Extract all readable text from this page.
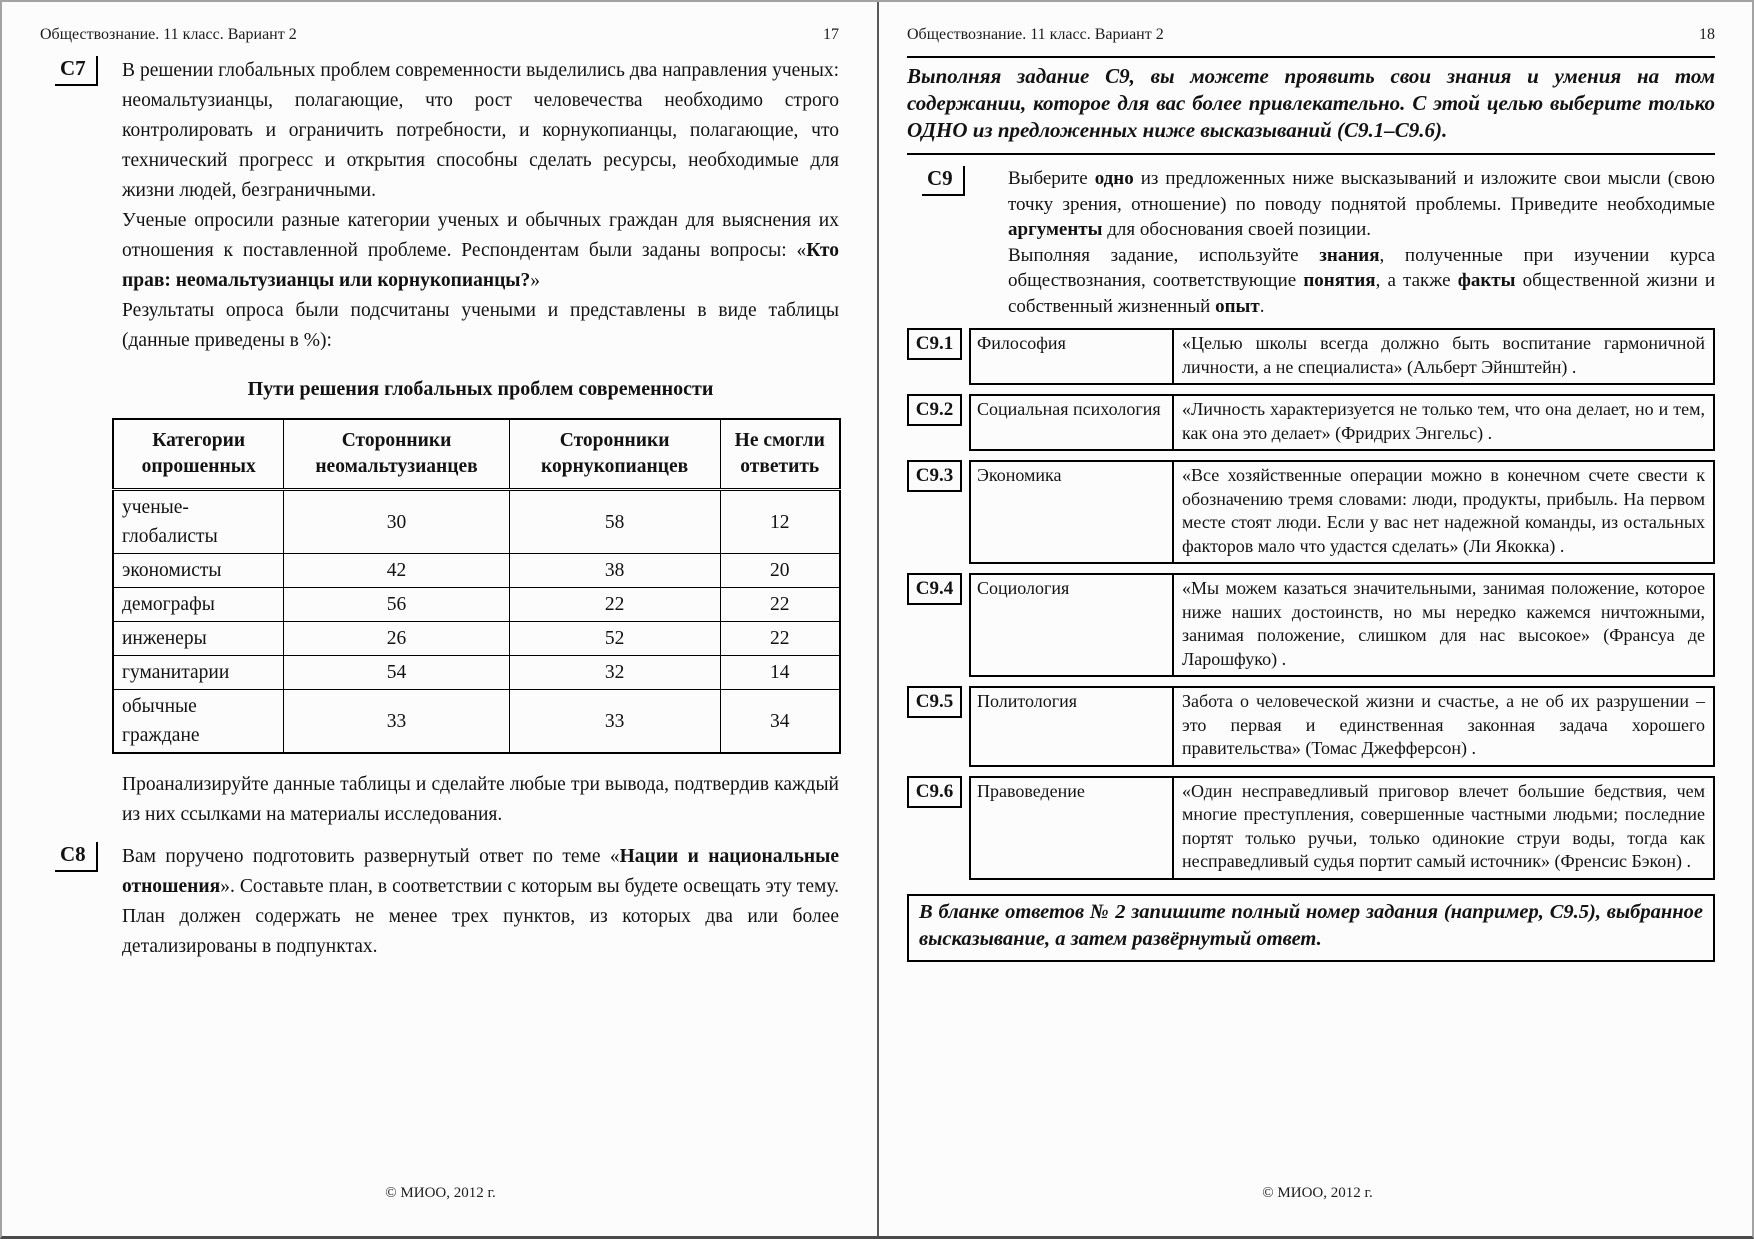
Обществознание. 11 класс. Вариант 2	17
С7	В решении глобальных проблем современности выделились два направления ученых: неомальтузианцы, полагающие, что рост человечества необходимо строго контролировать и ограничить потребности, и корнукопианцы, полагающие, что технический прогресс и открытия способны сделать ресурсы, необходимые для жизни людей, безграничными.

Ученые опросили разные категории ученых и обычных граждан для выяснения их отношения к поставленной проблеме. Респондентам были заданы вопросы: «Кто прав: неомальтузианцы или корнукопианцы?»

Результаты опроса были подсчитаны учеными и представлены в виде таблицы (данные приведены в %):

Пути решения глобальных проблем современности
Категории опрошенных	Сторонники неомальтузианцев	Сторонники корнукопианцев	Не смогли ответить
ученые-глобалисты	30	58	12
экономисты	42	38	20
демографы	56	22	22
инженеры	26	52	22
гуманитарии	54	32	14
обычные граждане	33	33	34

Проанализируйте данные таблицы и сделайте любые три вывода, подтвердив каждый из них ссылками на материалы исследования.

С8	Вам поручено подготовить развернутый ответ по теме «Нации и национальные отношения». Составьте план, в соответствии с которым вы будете освещать эту тему. План должен содержать не менее трех пунктов, из которых два или более детализированы в подпунктах.

© МИОО, 2012 г.
Обществознание. 11 класс. Вариант 2	18
Выполняя задание С9, вы можете проявить свои знания и умения на том содержании, которое для вас более привлекательно. С этой целью выберите только ОДНО из предложенных ниже высказываний (С9.1–С9.6).
С9	Выберите одно из предложенных ниже высказываний и изложите свои мысли (свою точку зрения, отношение) по поводу поднятой проблемы. Приведите необходимые аргументы для обоснования своей позиции.

Выполняя задание, используйте знания, полученные при изучении курса обществознания, соответствующие понятия, а также факты общественной жизни и собственный жизненный опыт.

С9.1	Философия	«Целью школы всегда должно быть воспитание гармоничной личности, а не специалиста» (Альберт Эйнштейн) .
С9.2	Социальная психология	«Личность характеризуется не только тем, что она делает, но и тем, как она это делает» (Фридрих Энгельс) .
С9.3	Экономика	«Все хозяйственные операции можно в конечном счете свести к обозначению тремя словами: люди, продукты, прибыль. На первом месте стоят люди. Если у вас нет надежной команды, из остальных факторов мало что удастся сделать» (Ли Якокка) .
С9.4	Социология	«Мы можем казаться значительными, занимая положение, которое ниже наших достоинств, но мы нередко кажемся ничтожными, занимая положение, слишком для нас высокое» (Франсуа де Ларошфуко) .
С9.5	Политология	Забота о человеческой жизни и счастье, а не об их разрушении – это первая и единственная законная задача хорошего правительства» (Томас Джефферсон) .
С9.6	Правоведение	«Один несправедливый приговор влечет большие бедствия, чем многие преступления, совершенные частными людьми; последние портят только ручьи, только одинокие струи воды, тогда как несправедливый судья портит самый источник» (Френсис Бэкон) .
В бланке ответов № 2 запишите полный номер задания (например, С9.5), выбранное высказывание, а затем развёрнутый ответ.
© МИОО, 2012 г.
